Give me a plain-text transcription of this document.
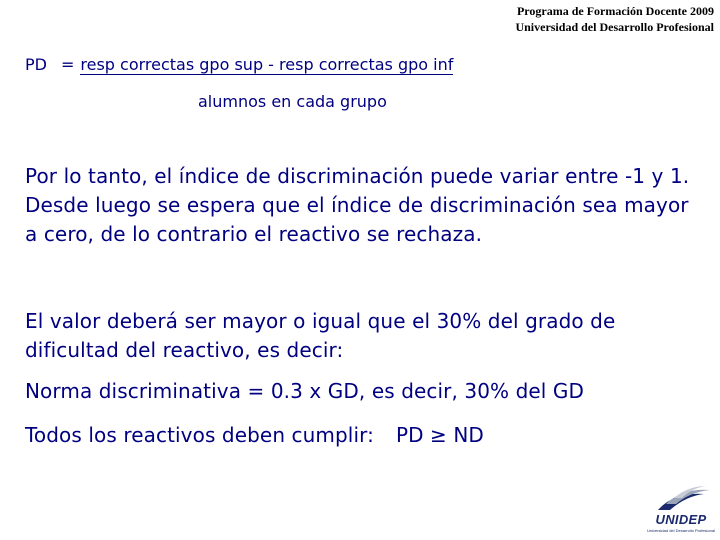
Programa de Formación Docente 2009
Universidad del Desarrollo Profesional
PD = resp correctas gpo sup - resp correctas gpo inf
alumnos en cada grupo
Por lo tanto, el índice de discriminación puede variar entre -1 y 1. Desde luego se espera que el índice de discriminación sea mayor a cero, de lo contrario el reactivo se rechaza.
El valor deberá ser mayor o igual que el 30% del grado de dificultad del reactivo, es decir:
Norma discriminativa = 0.3 x GD, es decir, 30% del GD
Todos los reactivos deben cumplir: PD ≥ ND
UNIDEP
Universidad del Desarrollo Profesional
